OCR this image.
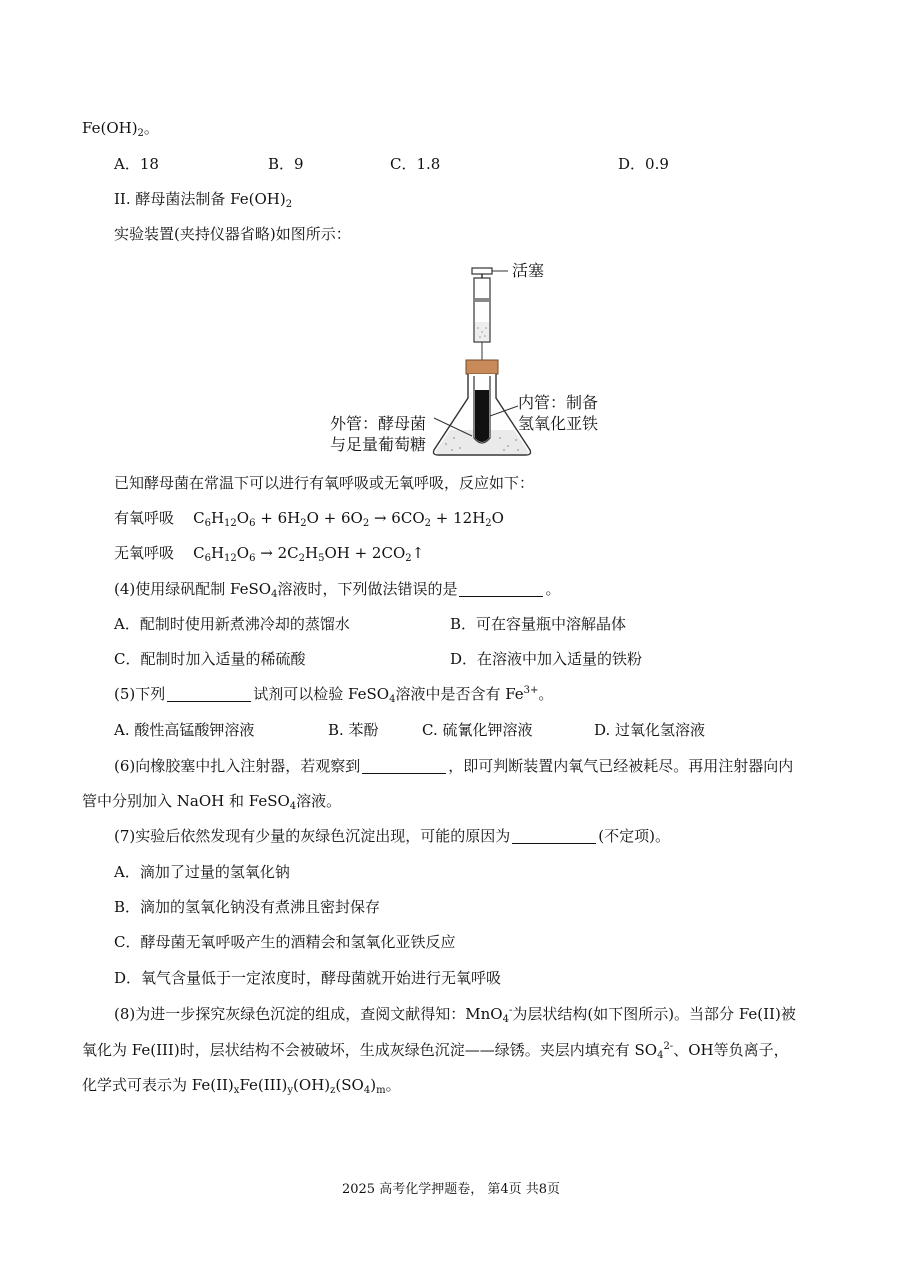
$Fe(OH)_2$。
A．18	B．9	C．1.8	D．0.9
II. 酵母菌法制备 $Fe(OH)_2$
实验装置(夹持仪器省略)如图所示：
活塞
内管：制备
氢氧化亚铁
外管：酵母菌
与足量葡萄糖
已知酵母菌在常温下可以进行有氧呼吸或无氧呼吸，反应如下：
有氧呼吸    $C_6H_{12}O_6 + 6H_2O + 6O_2 \to 6CO_2 + 12H_2O$
无氧呼吸    $C_6H_{12}O_6 \to 2C_2H_5OH$ + $2CO_2↑$
(4)使用绿矾配制 FeSO$_4$溶液时，下列做法错误的是	。
A．配制时使用新煮沸冷却的蒸馏水	B．可在容量瓶中溶解晶体
C．配制时加入适量的稀硫酸	D．在溶液中加入适量的铁粉
(5)下列	试剂可以检验 FeSO$_4$溶液中是否含有 $Fe^{3+}$。
A. 酸性高锰酸钾溶液	B. 苯酚	C. 硫氰化钾溶液	D. 过氧化氢溶液
(6)向橡胶塞中扎入注射器，若观察到	，即可判断装置内氧气已经被耗尽。再用注射器向内
管中分别加入 NaOH 和 FeSO$_4$溶液。
(7)实验后依然发现有少量的灰绿色沉淀出现，可能的原因为	(不定项)。
A．滴加了过量的氢氧化钠
B．滴加的氢氧化钠没有煮沸且密封保存
C．酵母菌无氧呼吸产生的酒精会和氢氧化亚铁反应
D．氧气含量低于一定浓度时，酵母菌就开始进行无氧呼吸
(8)为进一步探究灰绿色沉淀的组成，查阅文献得知：MnO$_4$-为层状结构(如下图所示)。当部分 Fe(II)被
氧化为 Fe(III)时，层状结构不会被破坏，生成灰绿色沉淀——绿锈。夹层内填充有 $SO_4^{2-}$、OH等负离子，
化学式可表示为 $Fe(II)_xFe(III)_y(OH)_z(SO_4)_m$。
2025 高考化学押题卷， 第4页 共8页
